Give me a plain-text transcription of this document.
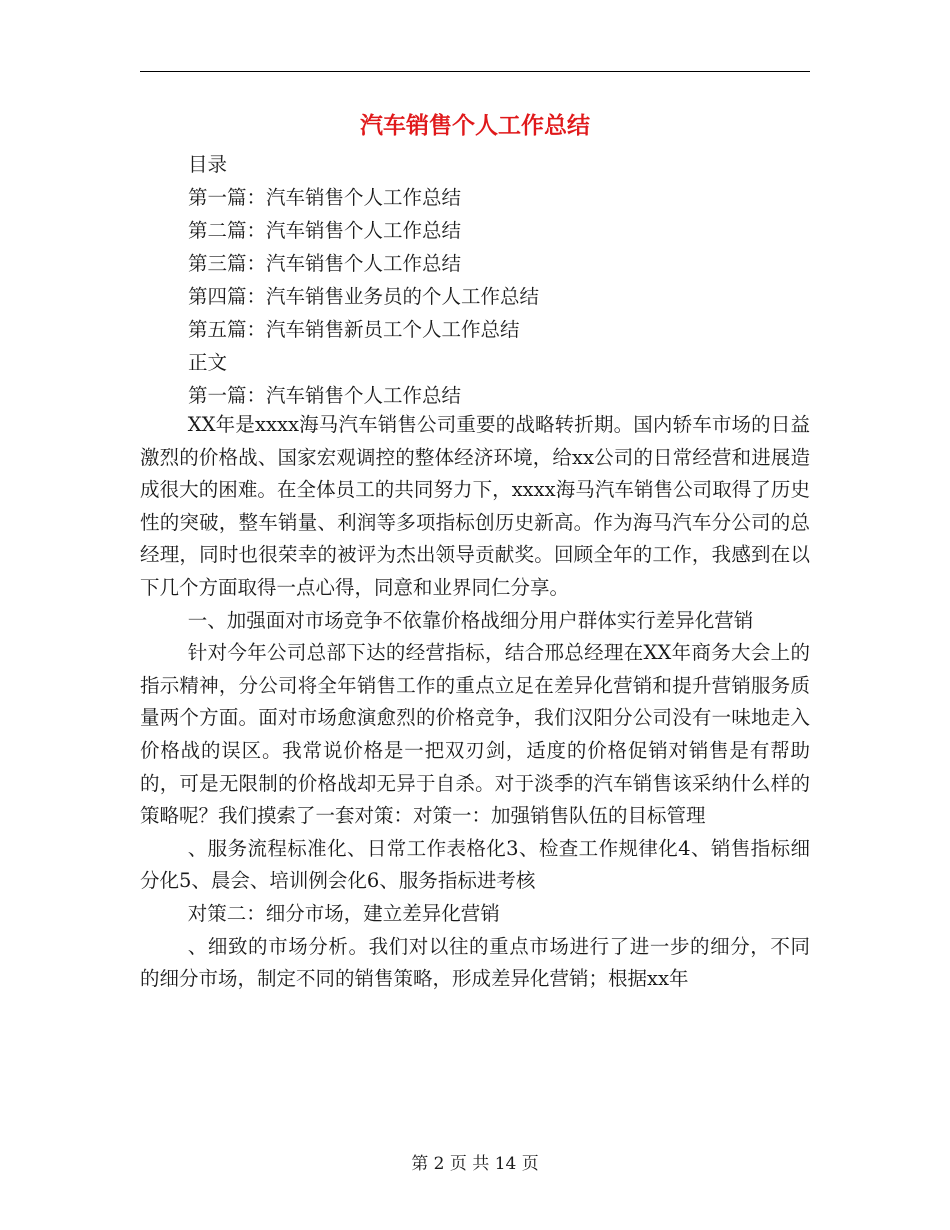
汽车销售个人工作总结
目录
第一篇：汽车销售个人工作总结
第二篇：汽车销售个人工作总结
第三篇：汽车销售个人工作总结
第四篇：汽车销售业务员的个人工作总结
第五篇：汽车销售新员工个人工作总结
正文
第一篇：汽车销售个人工作总结

XX年是xxxx海马汽车销售公司重要的战略转折期。国内轿车市场的日益激烈的价格战、国家宏观调控的整体经济环境，给xx公司的日常经营和进展造成很大的困难。在全体员工的共同努力下，xxxx海马汽车销售公司取得了历史性的突破，整车销量、利润等多项指标创历史新高。作为海马汽车分公司的总经理，同时也很荣幸的被评为杰出领导贡献奖。回顾全年的工作，我感到在以下几个方面取得一点心得，同意和业界同仁分享。

一、加强面对市场竞争不依靠价格战细分用户群体实行差异化营销

针对今年公司总部下达的经营指标，结合邢总经理在XX年商务大会上的指示精神，分公司将全年销售工作的重点立足在差异化营销和提升营销服务质量两个方面。面对市场愈演愈烈的价格竞争，我们汉阳分公司没有一味地走入价格战的误区。我常说价格是一把双刃剑，适度的价格促销对销售是有帮助的，可是无限制的价格战却无异于自杀。对于淡季的汽车销售该采纳什么样的策略呢？我们摸索了一套对策：对策一：加强销售队伍的目标管理

、服务流程标准化、日常工作表格化3、检查工作规律化4、销售指标细分化5、晨会、培训例会化6、服务指标进考核

对策二：细分市场，建立差异化营销

、细致的市场分析。我们对以往的重点市场进行了进一步的细分，不同的细分市场，制定不同的销售策略，形成差异化营销；根据xx年

第 2 页 共 14 页
